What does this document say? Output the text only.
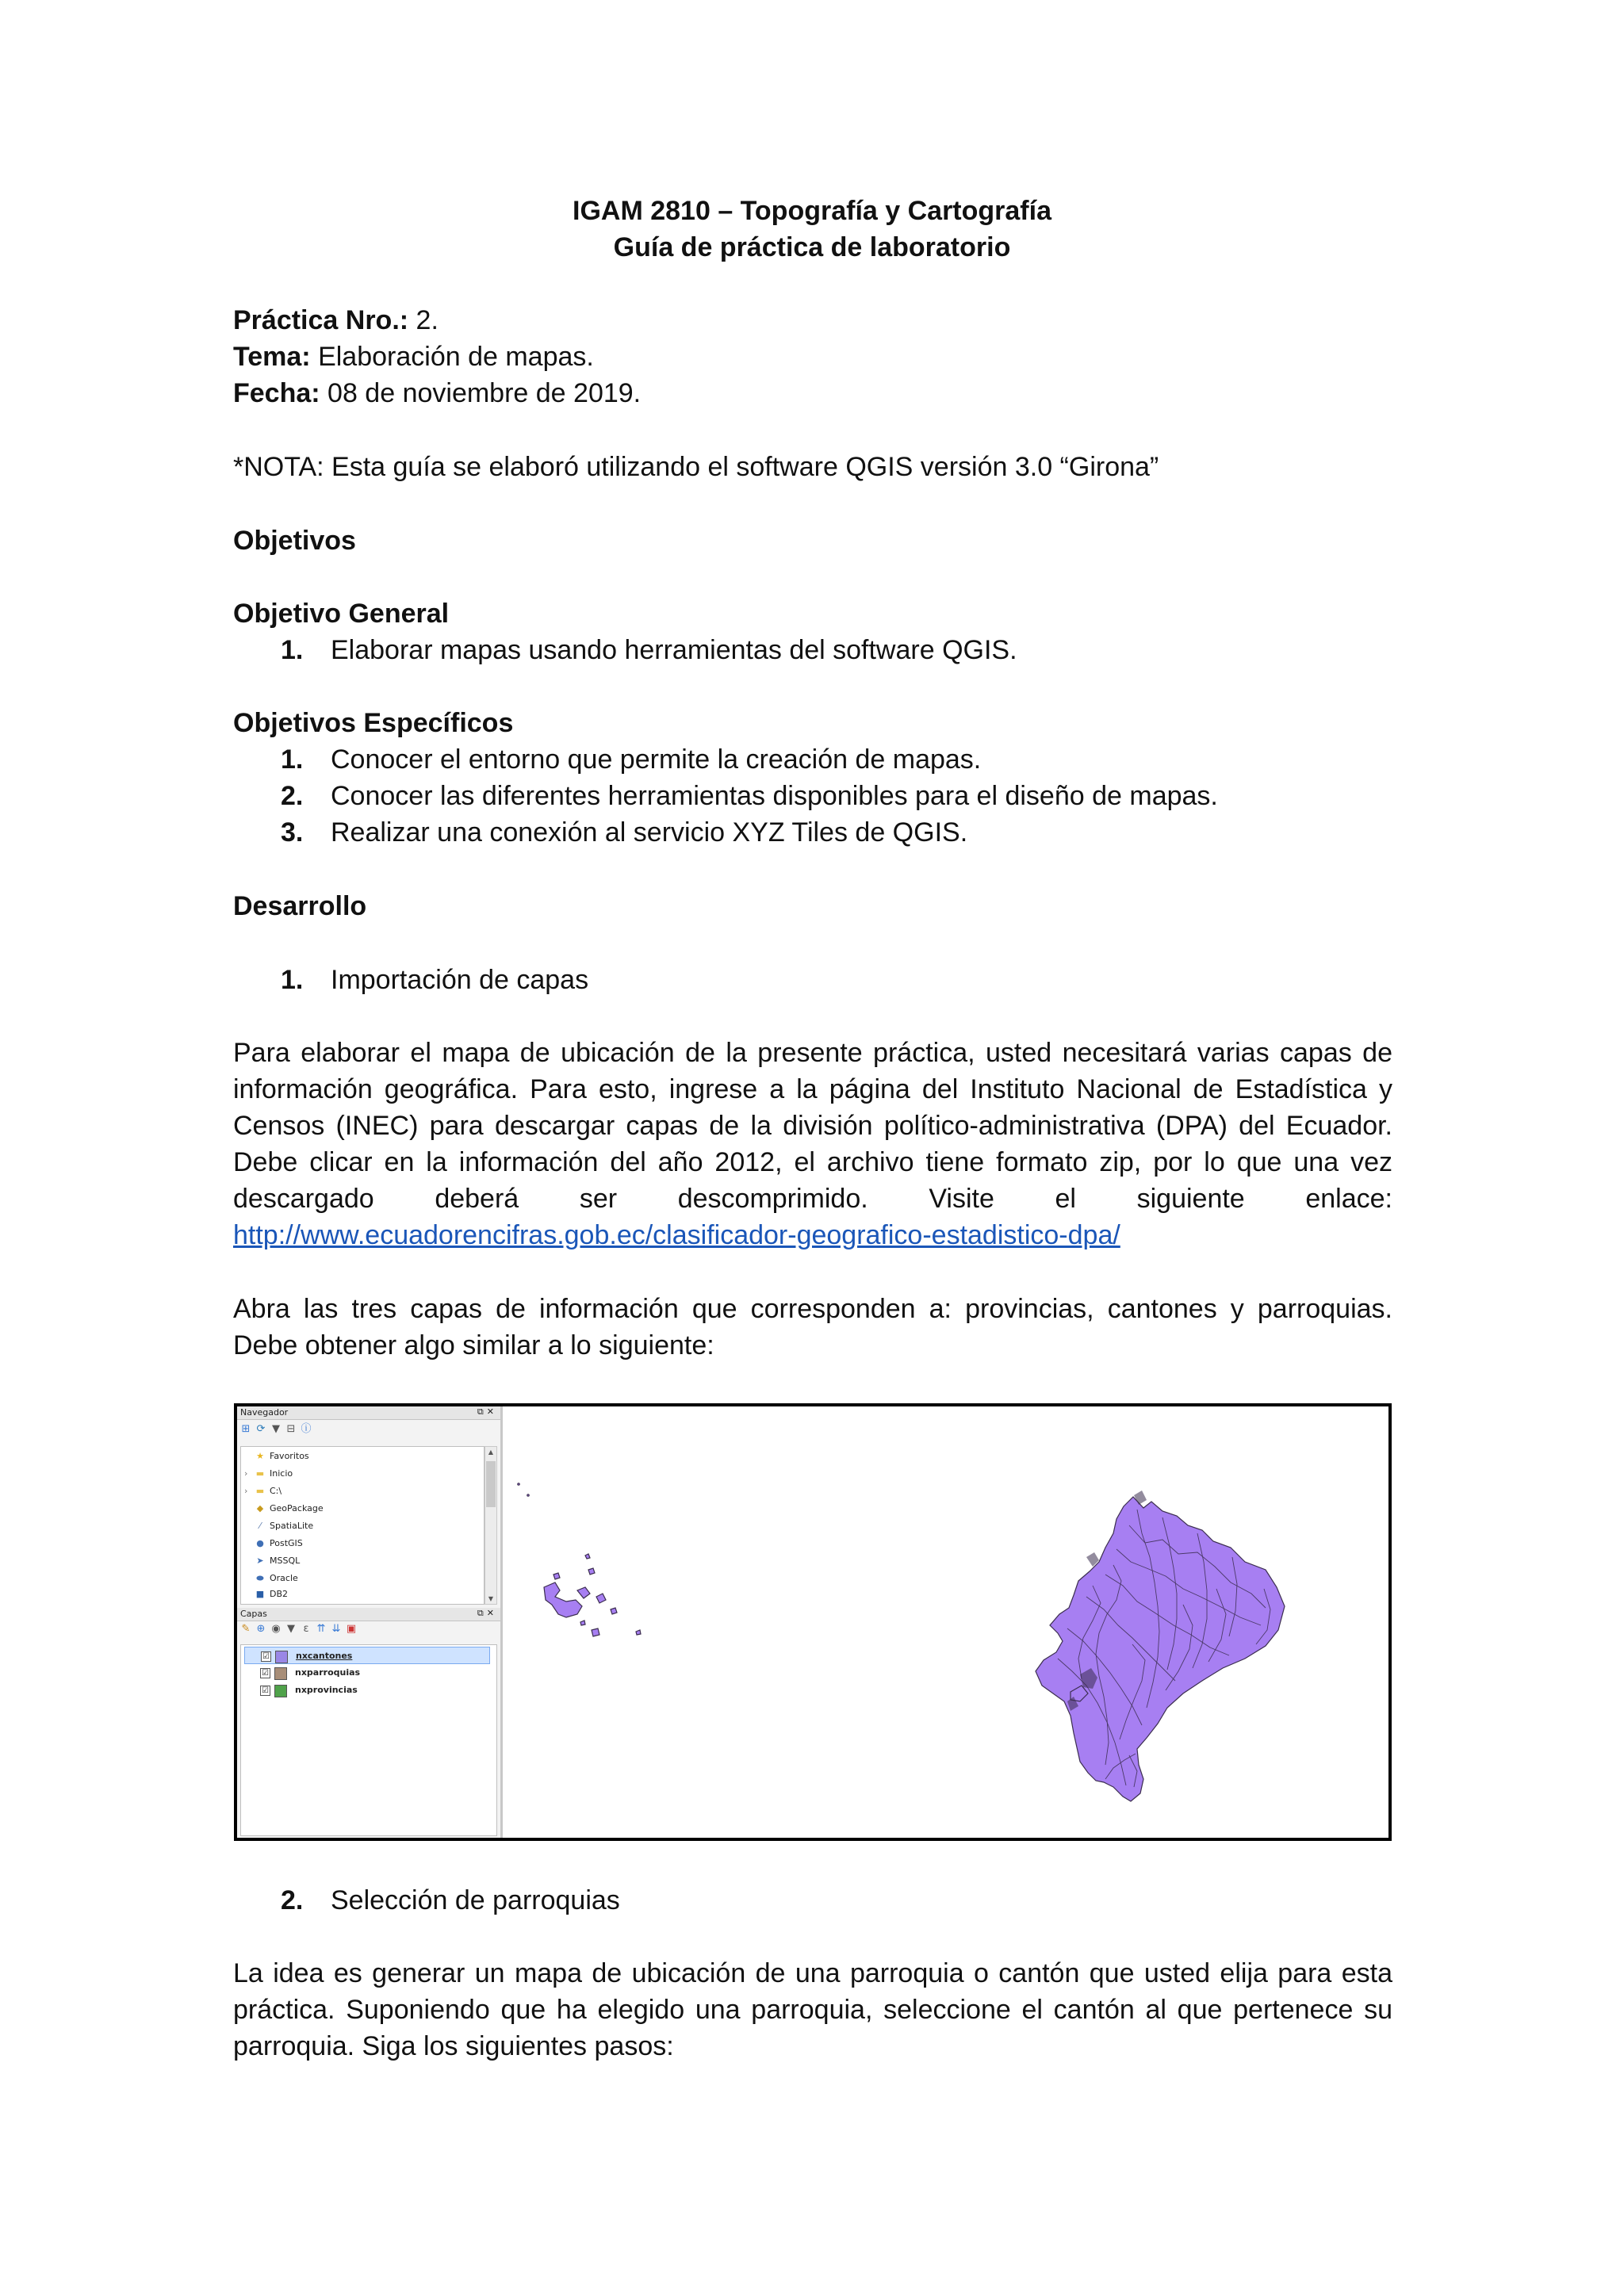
IGAM 2810 – Topografía y Cartografía
Guía de práctica de laboratorio
Práctica Nro.: 2.
Tema: Elaboración de mapas.
Fecha: 08 de noviembre de 2019.
*NOTA: Esta guía se elaboró utilizando el software QGIS versión 3.0 “Girona”
Objetivos
Objetivo General
1.	Elaborar mapas usando herramientas del software QGIS.
Objetivos Específicos
1.	Conocer el entorno que permite la creación de mapas.
2.	Conocer las diferentes herramientas disponibles para el diseño de mapas.
3.	Realizar una conexión al servicio XYZ Tiles de QGIS.
Desarrollo
1.	Importación de capas
Para elaborar el mapa de ubicación de la presente práctica, usted necesitará varias capas de
información geográfica. Para esto, ingrese a la página del Instituto Nacional de Estadística y
Censos (INEC) para descargar capas de la división político-administrativa (DPA) del Ecuador.
Debe clicar en la información del año 2012, el archivo tiene formato zip, por lo que una vez
descargado deberá ser descomprimido. Visite el siguiente enlace:
http://www.ecuadorencifras.gob.ec/clasificador-geografico-estadistico-dpa/
Abra las tres capas de información que corresponden a: provincias, cantones y parroquias.
Debe obtener algo similar a lo siguiente:
Navegador	⧉✕
⊞ ⟳ ▼ ⊟ ⓘ
★ Favoritos
› ▬ Inicio
› ▬ C:\
◆ GeoPackage
⁄ SpatiaLite
● PostGIS
➤ MSSQL
⬬ Oracle
■ DB2
▲
▼
Capas	⧉✕
✎ ⊕ ◉ ▼ ε ⇈ ⇊ ▣
☑	nxcantones
☑	nxparroquias
☑	nxprovincias
2.	Selección de parroquias
La idea es generar un mapa de ubicación de una parroquia o cantón que usted elija para esta
práctica. Suponiendo que ha elegido una parroquia, seleccione el cantón al que pertenece su
parroquia. Siga los siguientes pasos:
